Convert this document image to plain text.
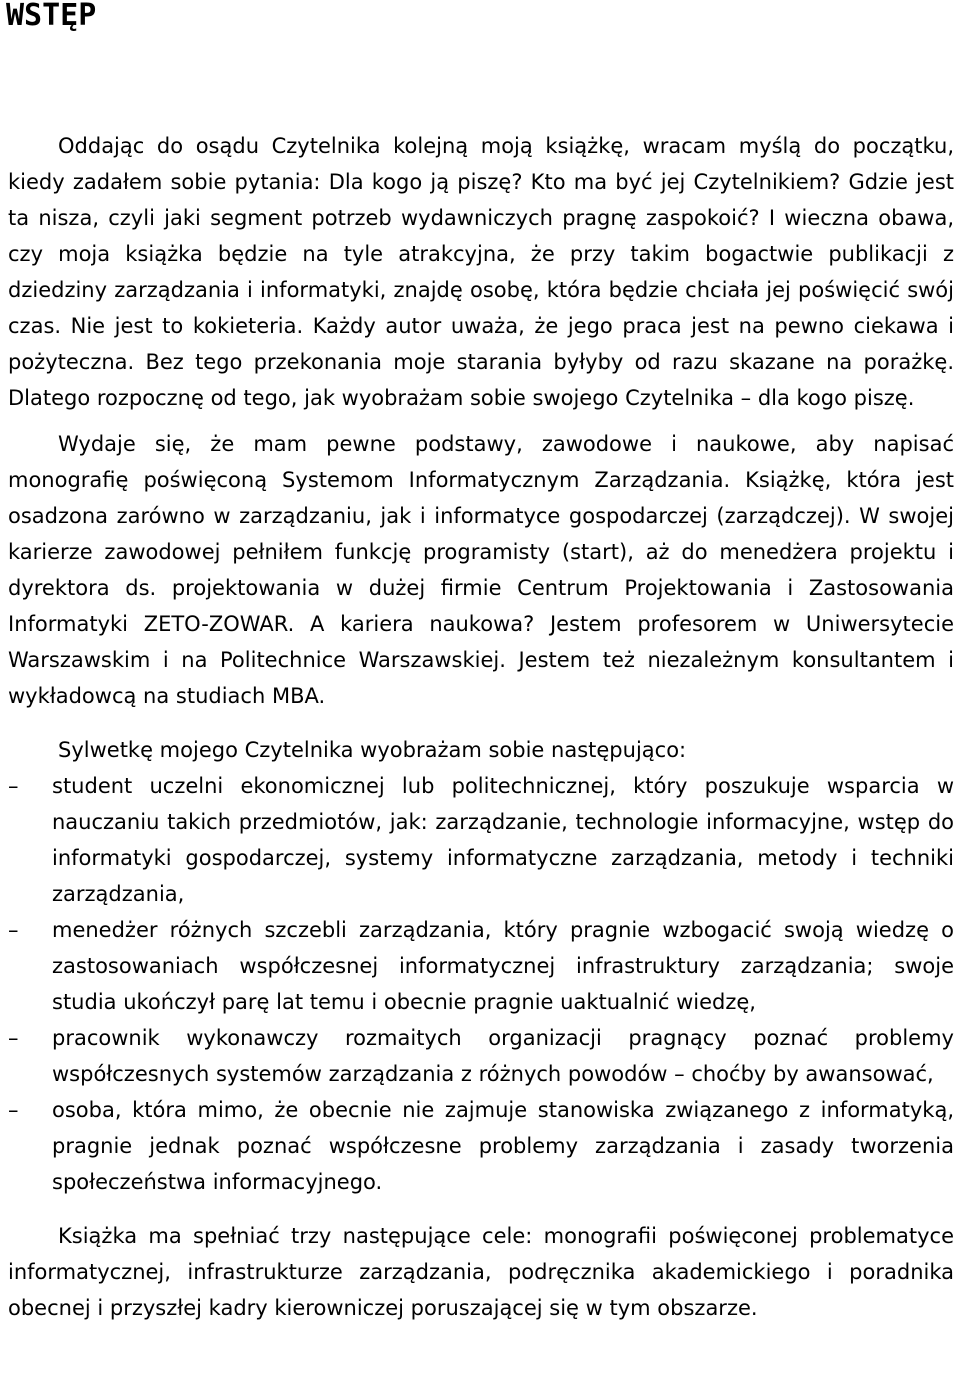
WSTĘP

Oddając do osądu Czytelnika kolejną moją książkę, wracam myślą do początku, kiedy zadałem sobie pytania: Dla kogo ją piszę? Kto ma być jej Czytelnikiem? Gdzie jest ta nisza, czyli jaki segment potrzeb wydawniczych pragnę zaspokoić? I wieczna obawa, czy moja książka będzie na tyle atrakcyjna, że przy takim bogactwie publikacji z dziedziny zarządzania i informatyki, znajdę osobę, która będzie chciała jej poświęcić swój czas. Nie jest to kokieteria. Każdy autor uważa, że jego praca jest na pewno ciekawa i pożyteczna. Bez tego przekonania moje starania byłyby od razu skazane na porażkę. Dlatego rozpocznę od tego, jak wyobrażam sobie swojego Czytelnika – dla kogo piszę.

Wydaje się, że mam pewne podstawy, zawodowe i naukowe, aby napisać monografię poświęconą Systemom Informatycznym Zarządzania. Książkę, która jest osadzona zarówno w zarządzaniu, jak i informatyce gospodarczej (zarządczej). W swojej karierze zawodowej pełniłem funkcję programisty (start), aż do menedżera projektu i dyrektora ds. projektowania w dużej firmie Centrum Projektowania i Zastosowania Informatyki ZETO-ZOWAR. A kariera naukowa? Jestem profesorem w Uniwersytecie Warszawskim i na Politechnice Warszawskiej. Jestem też niezależnym konsultantem i wykładowcą na studiach MBA.

Sylwetkę mojego Czytelnika wyobrażam sobie następująco:

– student uczelni ekonomicznej lub politechnicznej, który poszukuje wsparcia w nauczaniu takich przedmiotów, jak: zarządzanie, technologie informacyjne, wstęp do informatyki gospodarczej, systemy informatyczne zarządzania, metody i techniki zarządzania,
– menedżer różnych szczebli zarządzania, który pragnie wzbogacić swoją wiedzę o zastosowaniach współczesnej informatycznej infrastruktury zarządzania; swoje studia ukończył parę lat temu i obecnie pragnie uaktualnić wiedzę,
– pracownik wykonawczy rozmaitych organizacji pragnący poznać problemy współczesnych systemów zarządzania z różnych powodów – choćby by awansować,
– osoba, która mimo, że obecnie nie zajmuje stanowiska związanego z informatyką, pragnie jednak poznać współczesne problemy zarządzania i zasady tworzenia społeczeństwa informacyjnego.

Książka ma spełniać trzy następujące cele: monografii poświęconej problematyce informatycznej, infrastrukturze zarządzania, podręcznika akademickiego i poradnika obecnej i przyszłej kadry kierowniczej poruszającej się w tym obszarze.
